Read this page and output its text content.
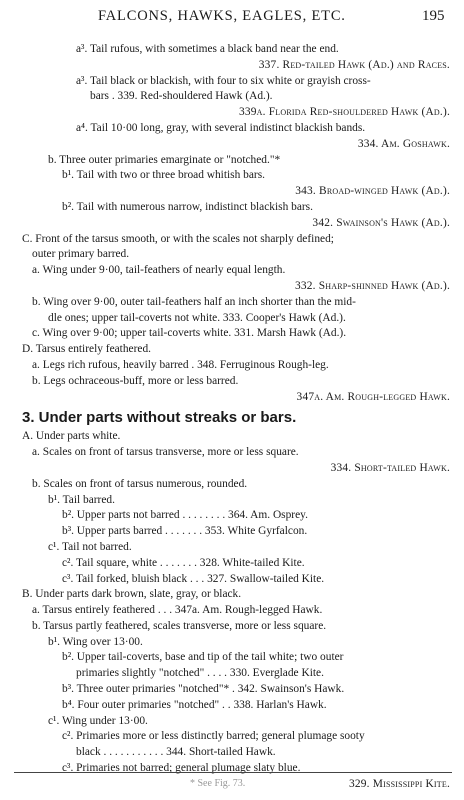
FALCONS, HAWKS, EAGLES, ETC.	195
a³. Tail rufous, with sometimes a black band near the end.
337. Red-tailed Hawk (Ad.) and Races.
a³. Tail black or blackish, with four to six white or grayish cross-
bars . 339. Red-shouldered Hawk (Ad.).
339a. Florida Red-shouldered Hawk (Ad.).
a⁴. Tail 10·00 long, gray, with several indistinct blackish bands.
334. Am. Goshawk.
b. Three outer primaries emarginate or "notched."*
b¹. Tail with two or three broad whitish bars.
343. Broad-winged Hawk (Ad.).
b². Tail with numerous narrow, indistinct blackish bars.
342. Swainson's Hawk (Ad.).
C. Front of the tarsus smooth, or with the scales not sharply defined;
outer primary barred.
a. Wing under 9·00, tail-feathers of nearly equal length.
332. Sharp-shinned Hawk (Ad.).
b. Wing over 9·00, outer tail-feathers half an inch shorter than the mid-
dle ones; upper tail-coverts not white. 333. Cooper's Hawk (Ad.).
c. Wing over 9·00; upper tail-coverts white. 331. Marsh Hawk (Ad.).
D. Tarsus entirely feathered.
a. Legs rich rufous, heavily barred . 348. Ferruginous Rough-leg.
b. Legs ochraceous-buff, more or less barred.
347a. Am. Rough-legged Hawk.
3. Under parts without streaks or bars.
A. Under parts white.
a. Scales on front of tarsus transverse, more or less square.
334. Short-tailed Hawk.
b. Scales on front of tarsus numerous, rounded.
b¹. Tail barred.
b². Upper parts not barred . . . . . . . . 364. Am. Osprey.
b³. Upper parts barred . . . . . . . 353. White Gyrfalcon.
c¹. Tail not barred.
c². Tail square, white . . . . . . . 328. White-tailed Kite.
c³. Tail forked, bluish black . . . 327. Swallow-tailed Kite.
B. Under parts dark brown, slate, gray, or black.
a. Tarsus entirely feathered . . . 347a. Am. Rough-legged Hawk.
b. Tarsus partly feathered, scales transverse, more or less square.
b¹. Wing over 13·00.
b². Upper tail-coverts, base and tip of the tail white; two outer
primaries slightly "notched" . . . . 330. Everglade Kite.
b³. Three outer primaries "notched"* . 342. Swainson's Hawk.
b⁴. Four outer primaries "notched" . . 338. Harlan's Hawk.
c¹. Wing under 13·00.
c². Primaries more or less distinctly barred; general plumage sooty
black . . . . . . . . . . . 344. Short-tailed Hawk.
c³. Primaries not barred; general plumage slaty blue.
329. Mississippi Kite.
* See Fig. 73.
